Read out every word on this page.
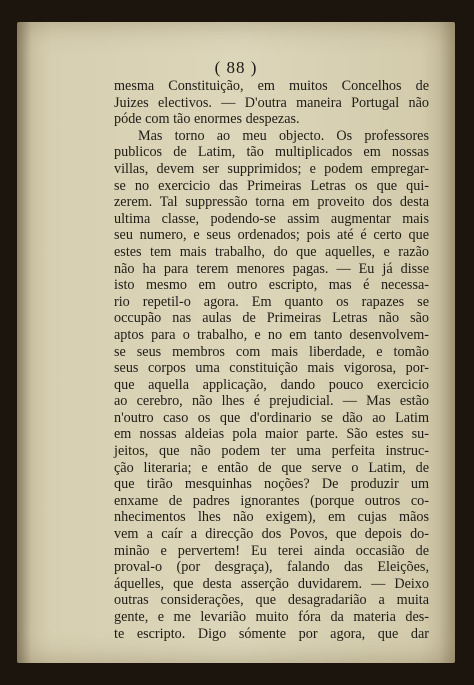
( 88 )
mesma Constituição, em muitos Concelhos de
Juizes electivos. — D'outra maneira Portugal não
póde com tão enormes despezas.
Mas torno ao meu objecto. Os professores
publicos de Latim, tão multiplicados em nossas
villas, devem ser supprimidos; e podem empregar-
se no exercicio das Primeiras Letras os que qui-
zerem. Tal suppressão torna em proveito dos desta
ultima classe, podendo-se assim augmentar mais
seu numero, e seus ordenados; pois até é certo que
estes tem mais trabalho, do que aquelles, e razão
não ha para terem menores pagas. — Eu já disse
isto mesmo em outro escripto, mas é necessa-
rio repetil-o agora. Em quanto os rapazes se
occupão nas aulas de Primeiras Letras não são
aptos para o trabalho, e no em tanto desenvolvem-
se seus membros com mais liberdade, e tomão
seus corpos uma constituição mais vigorosa, por-
que aquella applicação, dando pouco exercicio
ao cerebro, não lhes é prejudicial. — Mas estão
n'outro caso os que d'ordinario se dão ao Latim
em nossas aldeias pola maior parte. São estes su-
jeitos, que não podem ter uma perfeita instruc-
ção literaria; e então de que serve o Latim, de
que tirão mesquinhas noções? De produzir um
enxame de padres ignorantes (porque outros co-
nhecimentos lhes não exigem), em cujas mãos
vem a caír a direcção dos Povos, que depois do-
minão e pervertem! Eu terei ainda occasião de
proval-o (por desgraça), falando das Eleições,
áquelles, que desta asserção duvidarem. — Deixo
outras considerações, que desagradarião a muita
gente, e me levarião muito fóra da materia des-
te escripto. Digo sómente por agora, que dar
